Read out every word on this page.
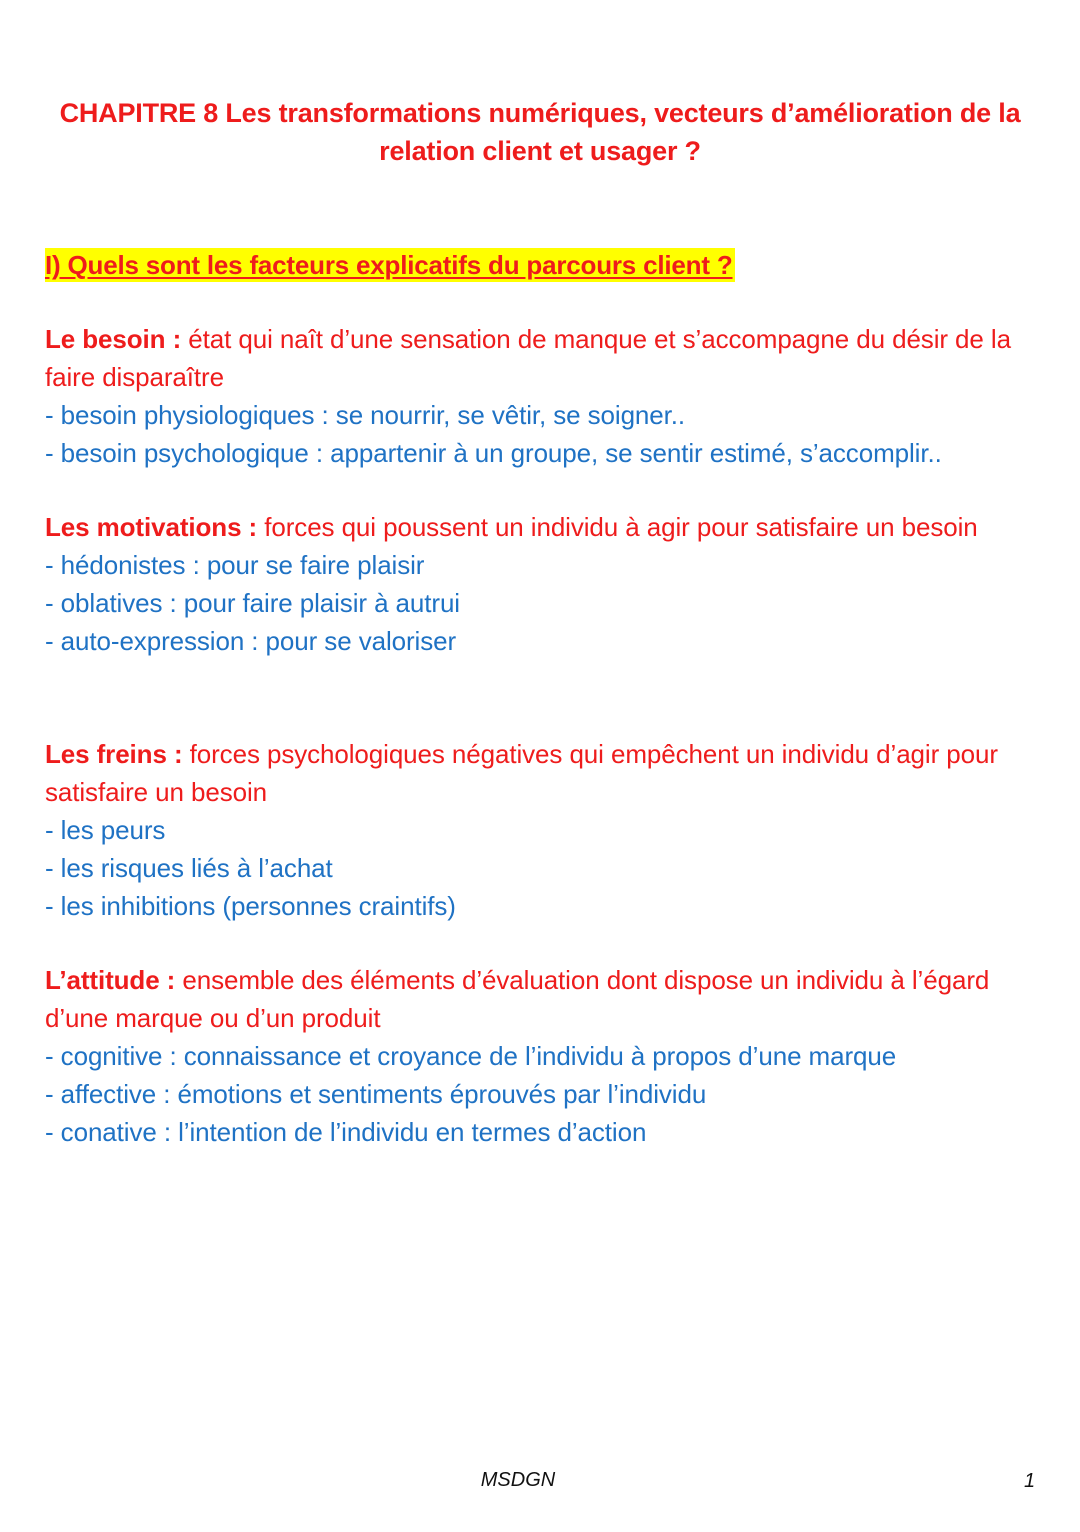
CHAPITRE 8 Les transformations numériques, vecteurs d’amélioration de la
relation client et usager ?
I) Quels sont les facteurs explicatifs du parcours client ?
Le besoin : état qui naît d’une sensation de manque et s’accompagne du désir de la faire disparaître
- besoin physiologiques : se nourrir, se vêtir, se soigner..
- besoin psychologique : appartenir à un groupe, se sentir estimé, s’accomplir..
Les motivations : forces qui poussent un individu à agir pour satisfaire un besoin
- hédonistes : pour se faire plaisir
- oblatives : pour faire plaisir à autrui
- auto-expression : pour se valoriser
Les freins : forces psychologiques négatives qui empêchent un individu d’agir pour satisfaire un besoin
- les peurs
- les risques liés à l’achat
- les inhibitions (personnes craintifs)
L’attitude : ensemble des éléments d’évaluation dont dispose un individu à l’égard d’une marque ou d’un produit
- cognitive : connaissance et croyance de l’individu à propos d’une marque
- affective : émotions et sentiments éprouvés par l’individu
- conative : l’intention de l’individu en termes d’action
MSDGN	1
